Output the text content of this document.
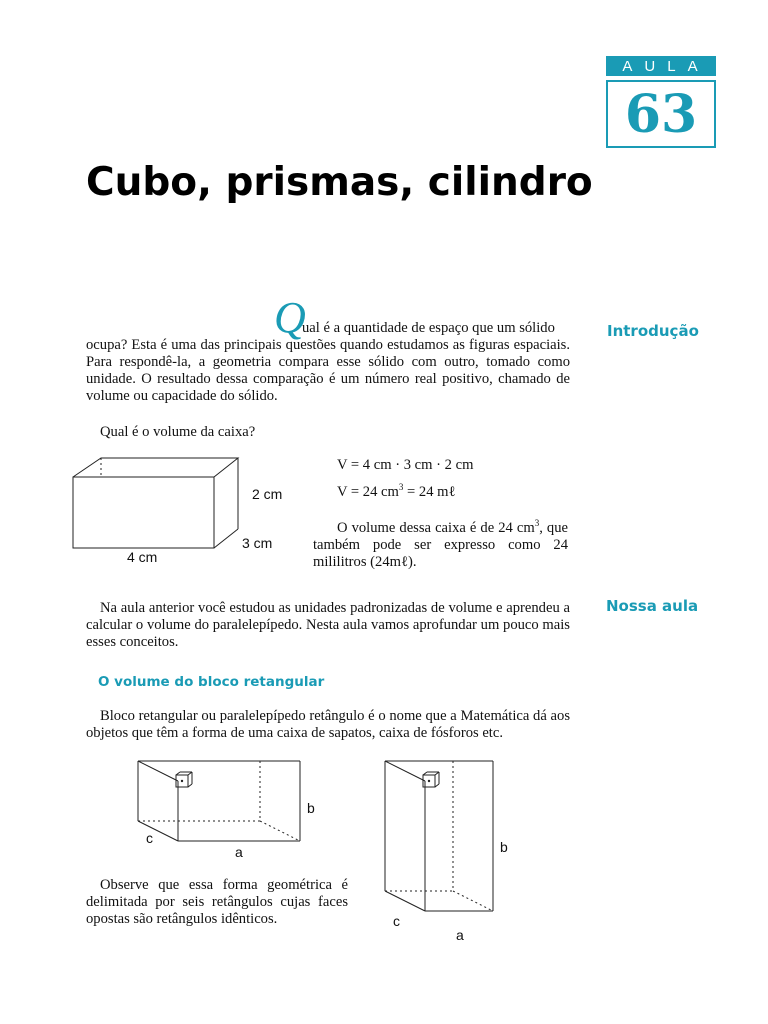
AULA
63
Cubo, prismas, cilindro
Introdução
Nossa aula
Q
ual é a quantidade de espaço que um sólido
ocupa? Esta é uma das principais questões quando estudamos as figuras espaciais. Para respondê-la, a geometria compara esse sólido com outro, tomado como unidade. O resultado dessa comparação é um número real positivo, chamado de volume ou capacidade do sólido.
Qual é o volume da caixa?
2 cm
3 cm
4 cm
V = 4 cm · 3 cm · 2 cm
V = 24 $cm^3 = 24$ mℓ
O volume dessa caixa é de 24 $cm^3$, que também pode ser expresso como 24 mililitros (24mℓ).
Na aula anterior você estudou as unidades padronizadas de volume e aprendeu a calcular o volume do paralelepípedo. Nesta aula vamos aprofundar um pouco mais esses conceitos.
O volume do bloco retangular
Bloco retangular ou paralelepípedo retângulo é o nome que a Matemática dá aos objetos que têm a forma de uma caixa de sapatos, caixa de fósforos etc.
b
c
a
Observe que essa forma geométrica é delimitada por seis retângulos cujas faces opostas são retângulos idênticos.
b
c
a
